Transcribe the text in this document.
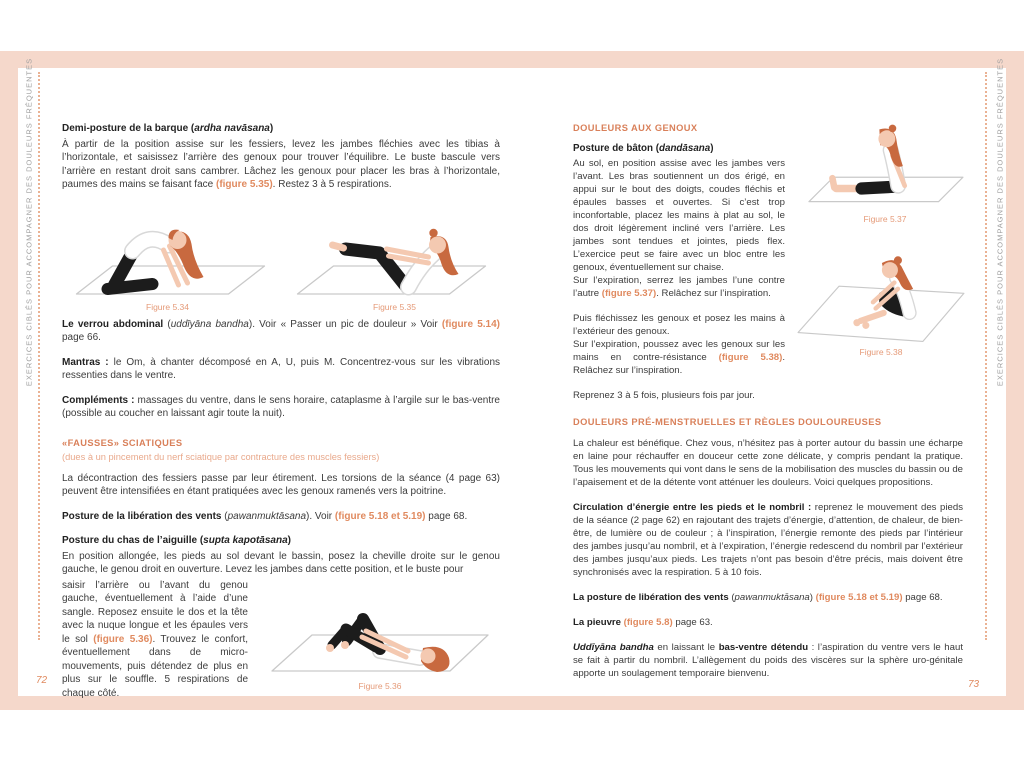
EXERCICES CIBLÉS POUR ACCOMPAGNER DES DOULEURS FRÉQUENTES	EXERCICES CIBLÉS POUR ACCOMPAGNER DES DOULEURS FRÉQUENTES

Demi-posture de la barque (ardha navāsana)

À partir de la position assise sur les fessiers, levez les jambes fléchies avec les tibias à l’horizontale, et saisissez l’arrière des genoux pour trouver l’équilibre. Le buste bascule vers l’arrière en restant droit sans cambrer. Lâchez les genoux pour placer les bras à l’horizontale, paumes des mains se faisant face (figure 5.35). Restez 3 à 5 respirations.

Figure 5.34	Figure 5.35

Le verrou abdominal (uddīyāna bandha). Voir « Passer un pic de douleur » Voir (figure 5.14) page 66.

Mantras : le Om, à chanter décomposé en A, U, puis M. Concentrez-vous sur les vibrations ressenties dans le ventre.

Compléments : massages du ventre, dans le sens horaire, cataplasme à l’argile sur le bas-ventre (possible au coucher en laissant agir toute la nuit).

«FAUSSES» SCIATIQUES

(dues à un pincement du nerf sciatique par contracture des muscles fessiers)

La décontraction des fessiers passe par leur étirement. Les torsions de la séance (4 page 63) peuvent être intensifiées en étant pratiquées avec les genoux ramenés vers la poitrine.

Posture de la libération des vents (pawanmuktāsana). Voir (figure 5.18 et 5.19) page 68.

Posture du chas de l’aiguille (supta kapotāsana)

En position allongée, les pieds au sol devant le bassin, posez la cheville droite sur le genou gauche, le genou droit en ouverture. Levez les jambes dans cette position, et le buste pour

saisir l’arrière ou l’avant du genou gauche, éventuellement à l’aide d’une sangle. Reposez ensuite le dos et la tête avec la nuque longue et les épaules vers le sol (figure 5.36). Trouvez le confort, éventuellement dans de micro-mouvements, puis détendez de plus en plus sur le souffle. 5 respirations de chaque côté.

Figure 5.36

DOULEURS AUX GENOUX

Posture de bâton (dandāsana)

Au sol, en position assise avec les jambes vers l’avant. Les bras soutiennent un dos érigé, en appui sur le bout des doigts, coudes fléchis et épaules basses et ouvertes. Si c’est trop inconfortable, placez les mains à plat au sol, le dos droit légèrement incliné vers l’arrière. Les jambes sont tendues et jointes, pieds flex. L’exercice peut se faire avec un bloc entre les genoux, éventuellement sur chaise.
Sur l’expiration, serrez les jambes l’une contre l’autre (figure 5.37). Relâchez sur l’inspiration.

Puis fléchissez les genoux et posez les mains à l’extérieur des genoux.
Sur l’expiration, poussez avec les genoux sur les mains en contre-résistance (figure 5.38). Relâchez sur l’inspiration.

Reprenez 3 à 5 fois, plusieurs fois par jour.

Figure 5.37
Figure 5.38

DOULEURS PRÉ-MENSTRUELLES ET RÈGLES DOULOUREUSES

La chaleur est bénéfique. Chez vous, n’hésitez pas à porter autour du bassin une écharpe en laine pour réchauffer en douceur cette zone délicate, y compris pendant la pratique. Tous les mouvements qui vont dans le sens de la mobilisation des muscles du bassin ou de l’apaisement et de la détente vont atténuer les douleurs. Voici quelques propositions.

Circulation d’énergie entre les pieds et le nombril : reprenez le mouvement des pieds de la séance (2 page 62) en rajoutant des trajets d’énergie, d’attention, de chaleur, de bien-être, de lumière ou de couleur ; à l’inspiration, l’énergie remonte des pieds par l’intérieur des jambes jusqu’au nombril, et à l’expiration, l’énergie redescend du nombril par l’extérieur des jambes jusqu’aux pieds. Les trajets n’ont pas besoin d’être précis, mais doivent être synchronisés avec la respiration. 5 à 10 fois.

La posture de libération des vents (pawanmuktāsana) (figure 5.18 et 5.19) page 68.

La pieuvre (figure 5.8) page 63.

Uddīyāna bandha en laissant le bas-ventre détendu : l’aspiration du ventre vers le haut se fait à partir du nombril. L’allègement du poids des viscères sur la sphère uro-génitale apporte un soulagement temporaire bienvenu.

72	73
